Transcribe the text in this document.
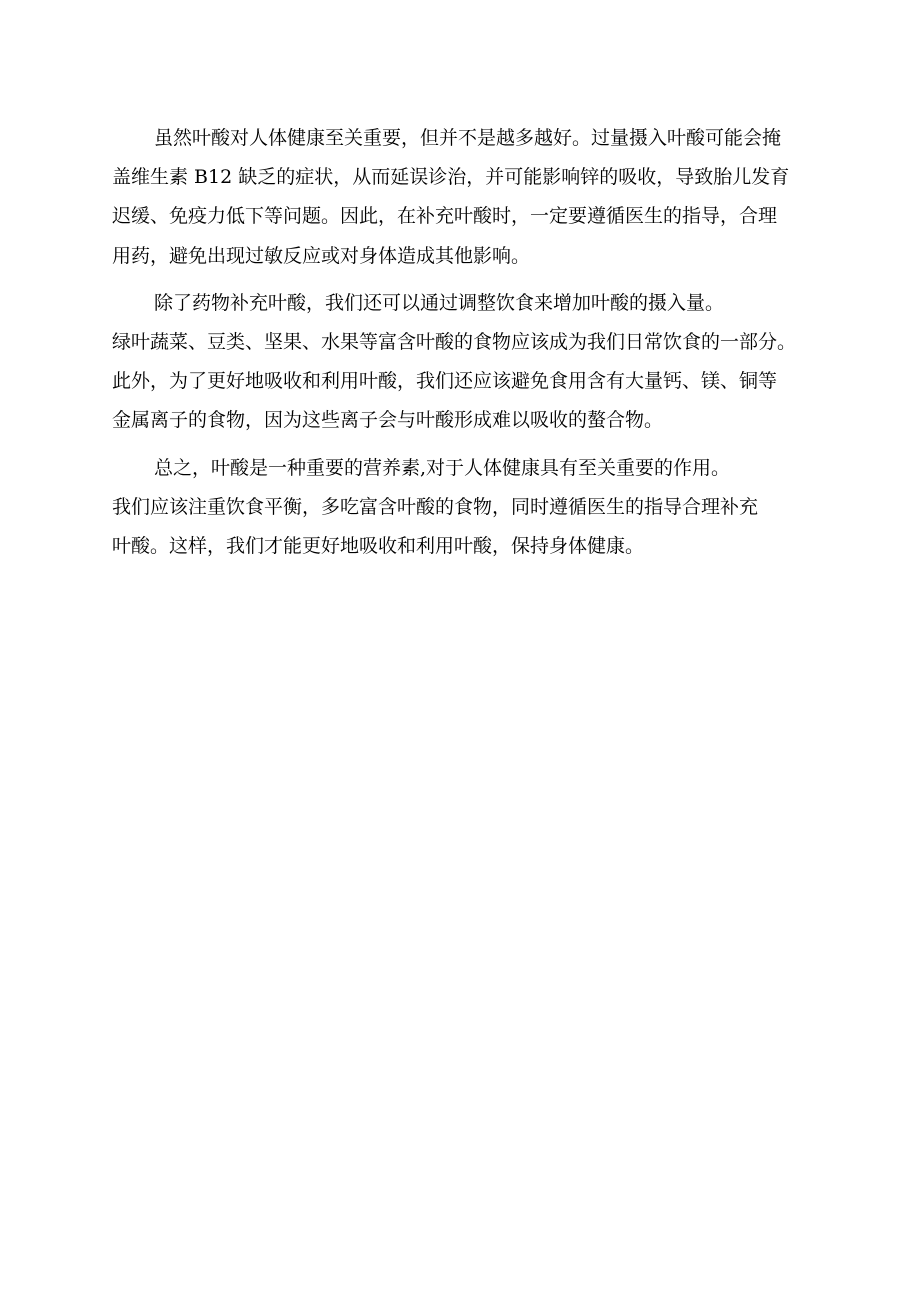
虽然叶酸对人体健康至关重要，但并不是越多越好。过量摄入叶酸可能会掩
盖维生素 B12 缺乏的症状，从而延误诊治，并可能影响锌的吸收，导致胎儿发育
迟缓、免疫力低下等问题。因此，在补充叶酸时，一定要遵循医生的指导，合理
用药，避免出现过敏反应或对身体造成其他影响。
除了药物补充叶酸，我们还可以通过调整饮食来增加叶酸的摄入量。
绿叶蔬菜、豆类、坚果、水果等富含叶酸的食物应该成为我们日常饮食的一部分。
此外，为了更好地吸收和利用叶酸，我们还应该避免食用含有大量钙、镁、铜等
金属离子的食物，因为这些离子会与叶酸形成难以吸收的螯合物。
总之，叶酸是一种重要的营养素,对于人体健康具有至关重要的作用。
我们应该注重饮食平衡，多吃富含叶酸的食物，同时遵循医生的指导合理补充
叶酸。这样，我们才能更好地吸收和利用叶酸，保持身体健康。
